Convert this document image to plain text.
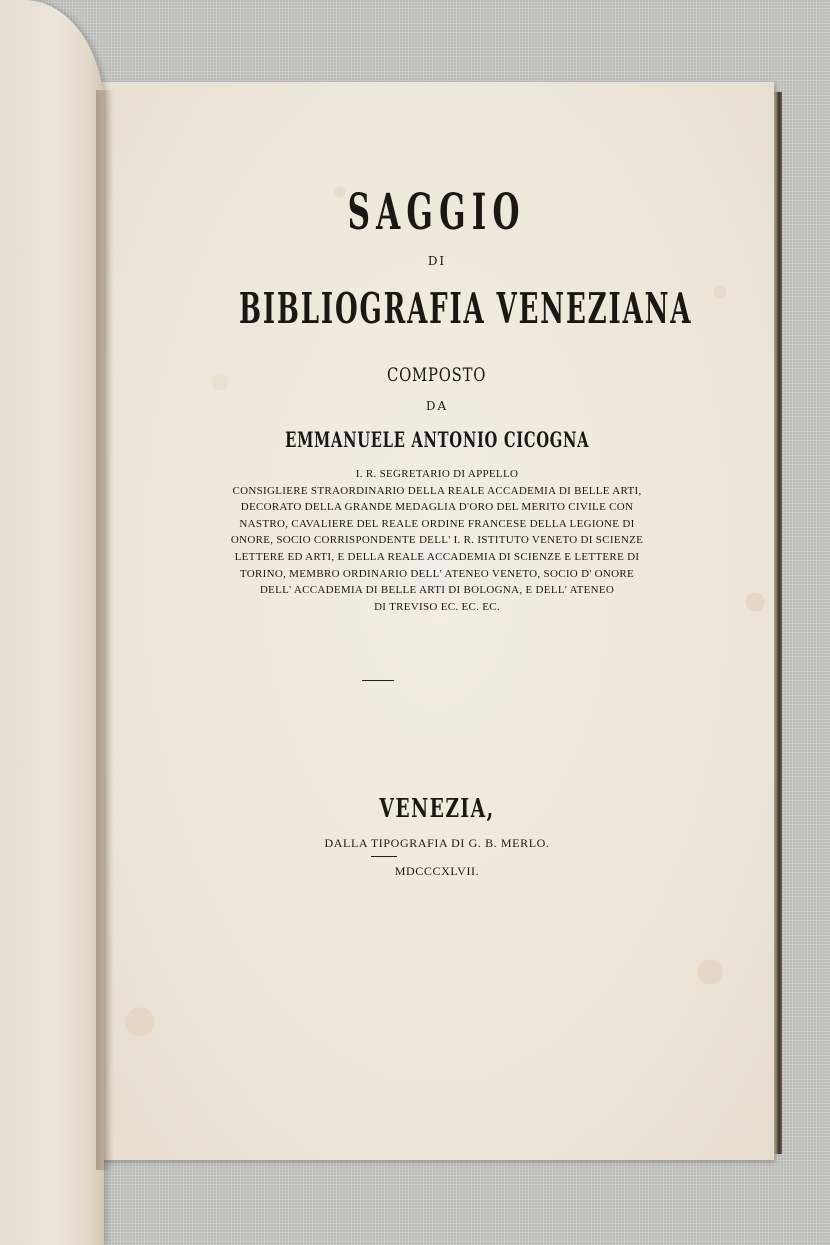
SAGGIO
DI
BIBLIOGRAFIA VENEZIANA
COMPOSTO
DA
EMMANUELE ANTONIO CICOGNA
I. R. SEGRETARIO DI APPELLO
CONSIGLIERE STRAORDINARIO DELLA REALE ACCADEMIA DI BELLE ARTI,
DECORATO DELLA GRANDE MEDAGLIA D'ORO DEL MERITO CIVILE CON
NASTRO, CAVALIERE DEL REALE ORDINE FRANCESE DELLA LEGIONE DI
ONORE, SOCIO CORRISPONDENTE DELL' I. R. ISTITUTO VENETO DI SCIENZE
LETTERE ED ARTI, E DELLA REALE ACCADEMIA DI SCIENZE E LETTERE DI
TORINO, MEMBRO ORDINARIO DELL' ATENEO VENETO, SOCIO D' ONORE
DELL' ACCADEMIA DI BELLE ARTI DI BOLOGNA, E DELL' ATENEO
DI TREVISO EC. EC. EC.
VENEZIA,
DALLA TIPOGRAFIA DI G. B. MERLO.
MDCCCXLVII.
